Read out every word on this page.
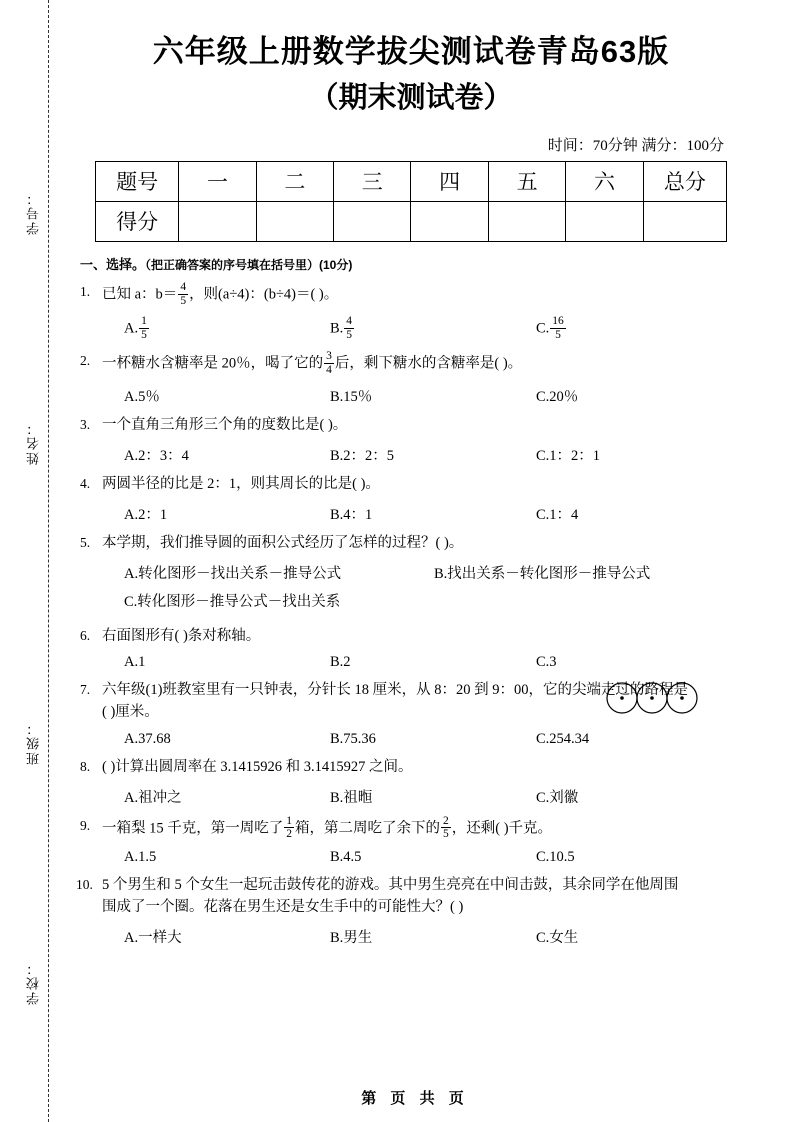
学号：
姓名：
班级：
学校：
六年级上册数学拔尖测试卷青岛63版
（期末测试卷）
时间：70分钟 满分：100分
题号	一	二	三	四	五	六	总分
得分							
一、选择。（把正确答案的序号填在括号里）(10分)
1. 已知 a：$b= \frac{4}{5}$ ，则(a÷4)：(b÷4)＝( )。
A. $\frac{1}{5}$	B. $\frac{4}{5}$	C. $\frac{16}{5}$
2. 一杯糖水含糖率是 20％，喝了它的 $\frac{3}{4}$ 后，剩下糖水的含糖率是( )。
A.5％	B.15％	C.20％
3. 一个直角三角形三个角的度数比是( )。
A.2：3：4	B.2：2：5	C.1：2：1
4. 两圆半径的比是 2：1，则其周长的比是( )。
A.2：1	B.4：1	C.1：4
5. 本学期，我们推导圆的面积公式经历了怎样的过程？( )。
A.转化图形－找出关系－推导公式	B.找出关系－转化图形－推导公式
C.转化图形－推导公式－找出关系
6. 右面图形有( )条对称轴。
A.1	B.2	C.3
7. 六年级(1)班教室里有一只钟表，分针长 18 厘米，从 8：20 到 9：00，它的尖端走过的路程是
( )厘米。
A.37.68	B.75.36	C.254.34
8. ( )计算出圆周率在 3.1415926 和 3.1415927 之间。
A.祖冲之	B.祖暅	C.刘徽
9. 一箱梨 15 千克，第一周吃了 $\frac{1}{2}$ 箱，第二周吃了余下的 $\frac{2}{5}$ ，还剩( )千克。
A.1.5	B.4.5	C.10.5
10. 5 个男生和 5 个女生一起玩击鼓传花的游戏。其中男生亮亮在中间击鼓，其余同学在他周围
围成了一个圈。花落在男生还是女生手中的可能性大？( )
A.一样大	B.男生	C.女生
第 页 共 页
